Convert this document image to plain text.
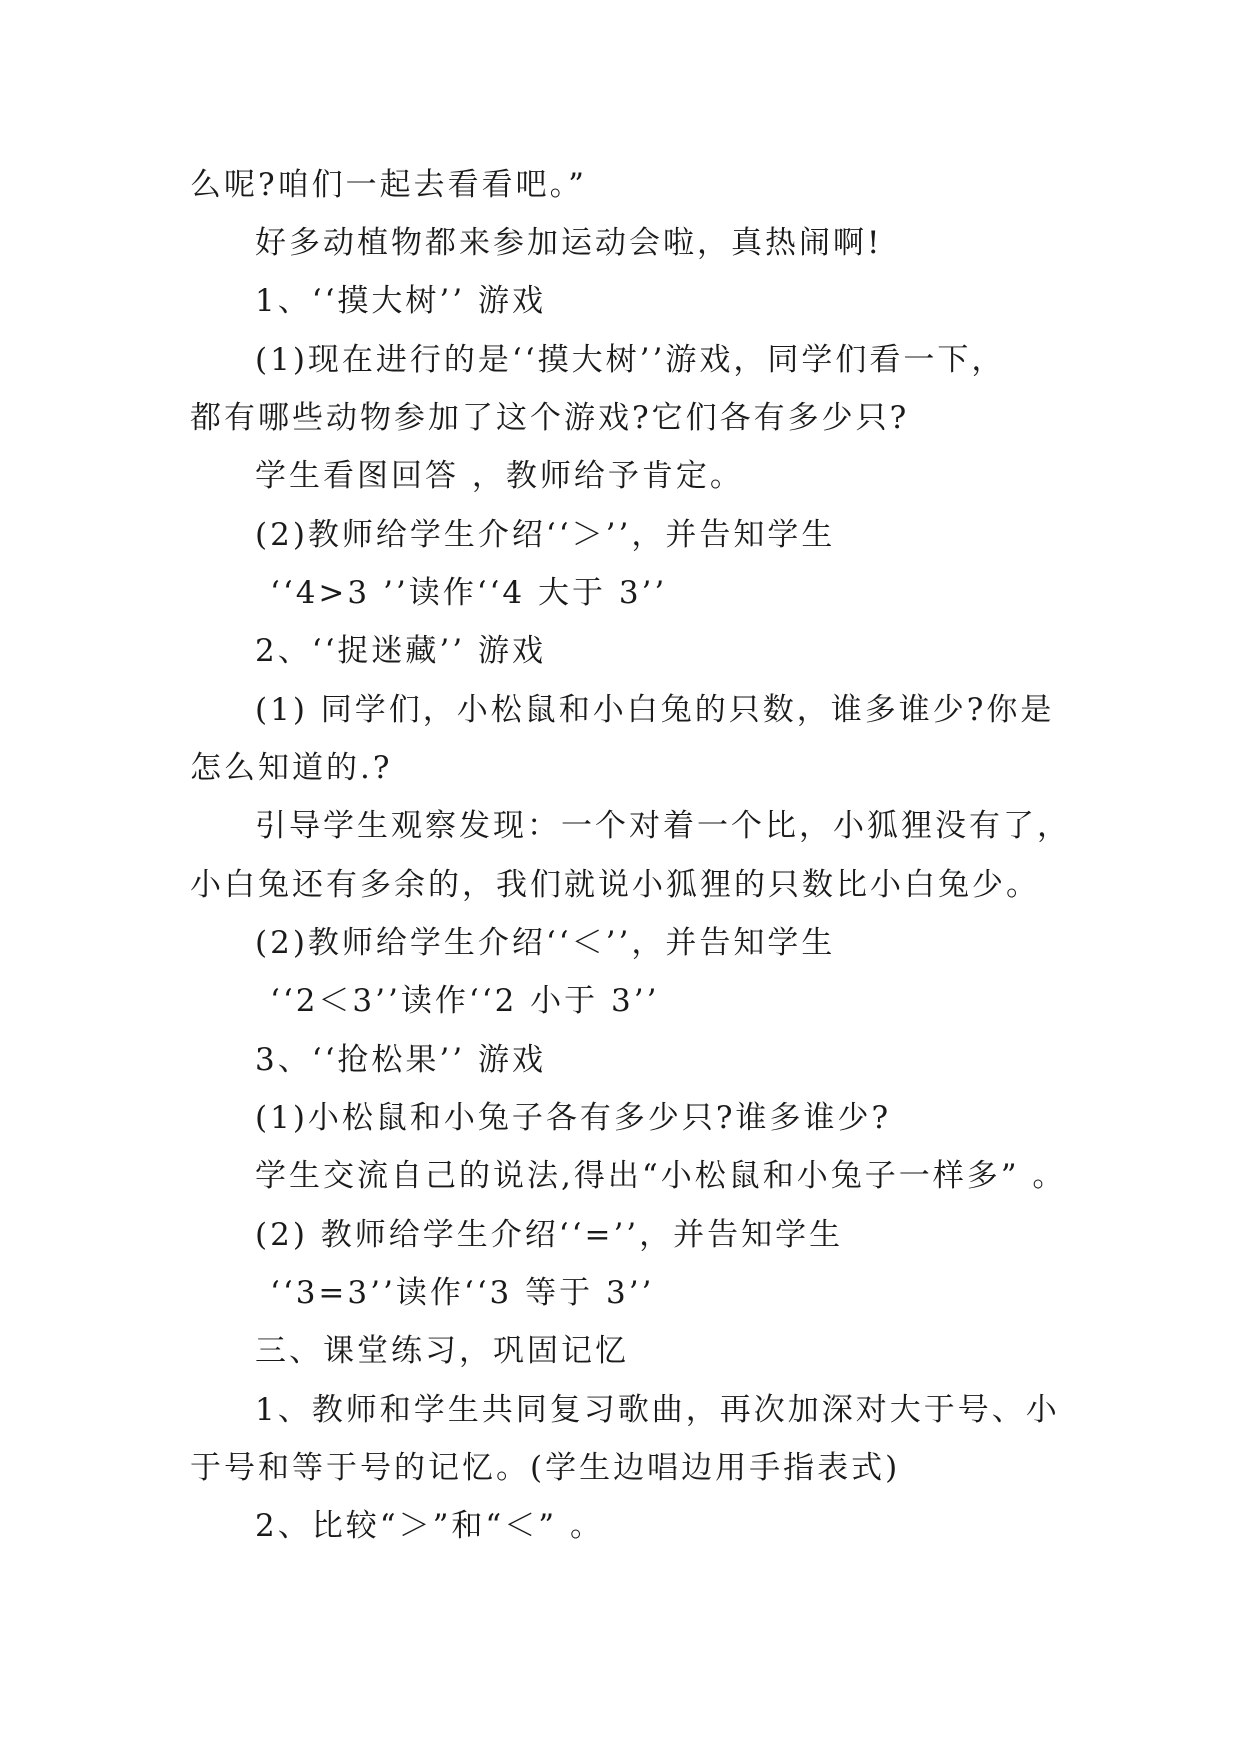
么呢?咱们一起去看看吧。”
好多动植物都来参加运动会啦，真热闹啊!
1、‘‘摸大树’’ 游戏
(1)现在进行的是‘‘摸大树’’游戏，同学们看一下，
都有哪些动物参加了这个游戏?它们各有多少只?
学生看图回答 ，教师给予肯定。
(2)教师给学生介绍‘‘＞’’，并告知学生
‘‘4>3 ’’读作‘‘4 大于 3’’
2、‘‘捉迷藏’’ 游戏
(1) 同学们，小松鼠和小白兔的只数，谁多谁少?你是
怎么知道的.?
引导学生观察发现：一个对着一个比，小狐狸没有了，
小白兔还有多余的，我们就说小狐狸的只数比小白兔少。
(2)教师给学生介绍‘‘＜’’，并告知学生
‘‘2＜3’’读作‘‘2 小于 3’’
3、‘‘抢松果’’ 游戏
(1)小松鼠和小兔子各有多少只?谁多谁少?
学生交流自己的说法,得出“小松鼠和小兔子一样多” 。
(2) 教师给学生介绍‘‘=’’，并告知学生
‘‘3=3’’读作‘‘3 等于 3’’
三、课堂练习，巩固记忆
1、教师和学生共同复习歌曲，再次加深对大于号、小
于号和等于号的记忆。(学生边唱边用手指表式)
2、比较“＞”和“＜” 。
